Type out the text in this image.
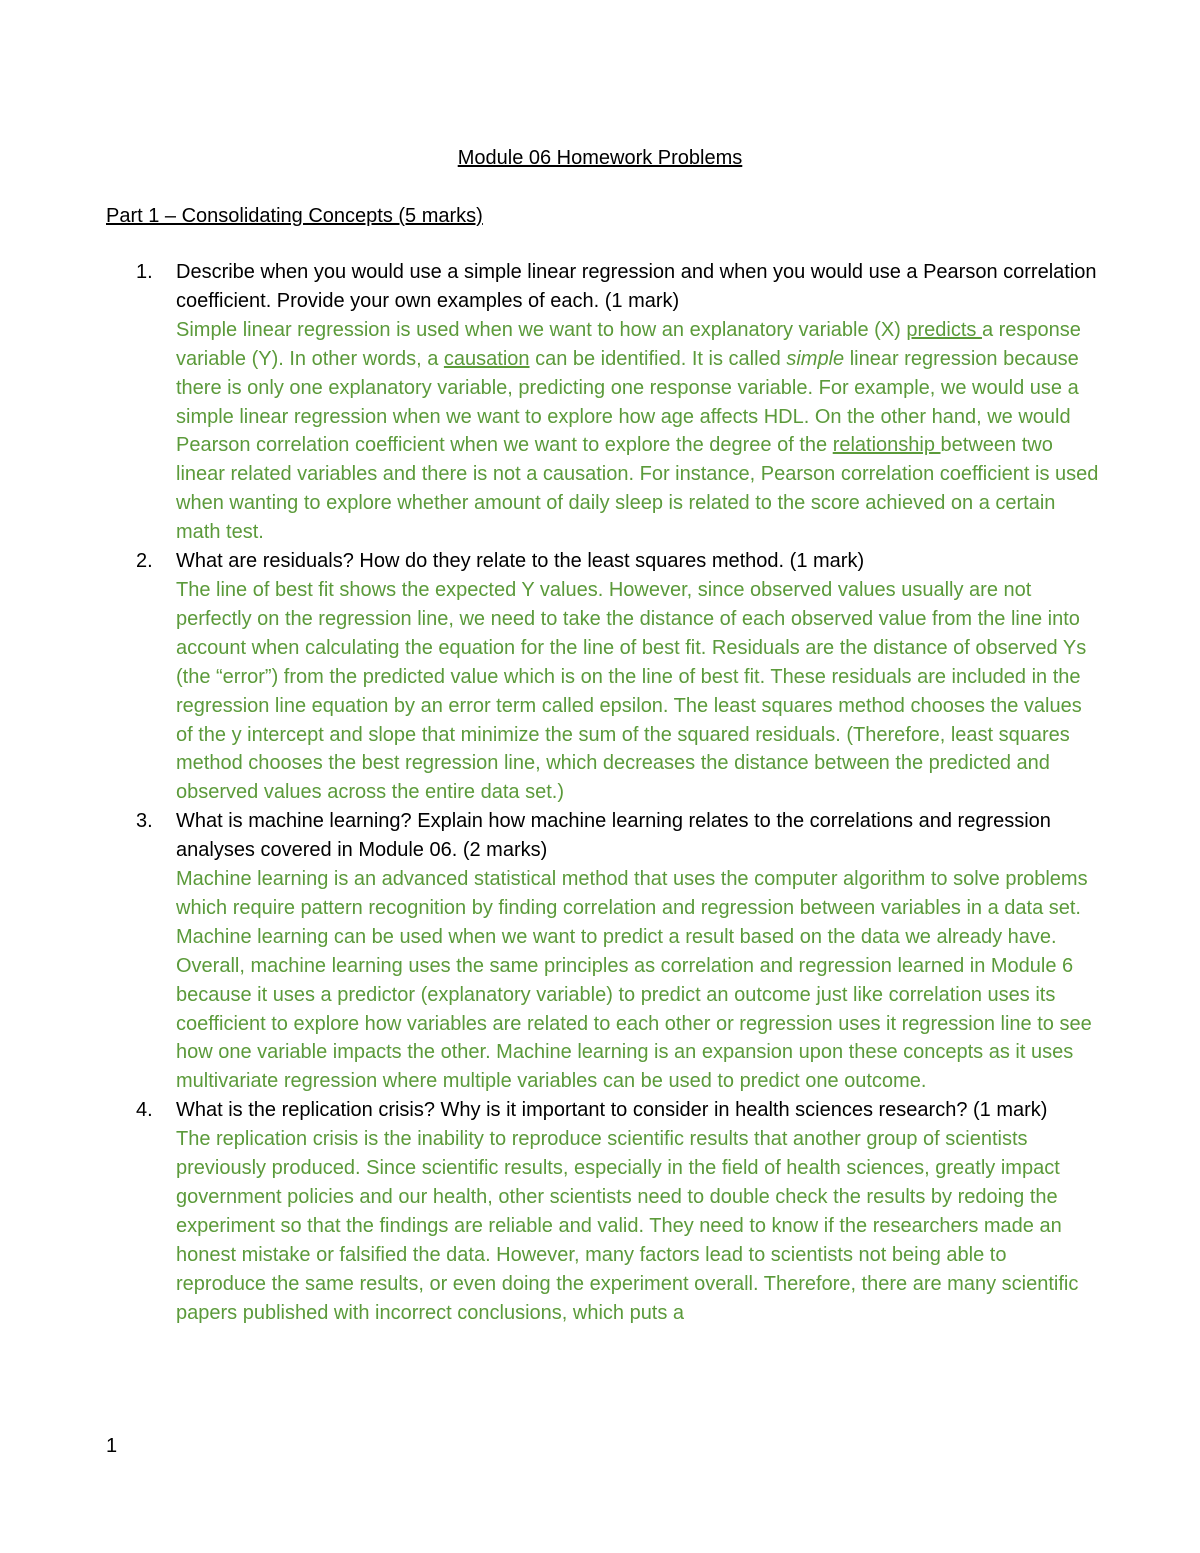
Module 06 Homework Problems
Part 1 – Consolidating Concepts (5 marks)
1. Describe when you would use a simple linear regression and when you would use a Pearson correlation coefficient. Provide your own examples of each. (1 mark)
Simple linear regression is used when we want to how an explanatory variable (X) predicts a response variable (Y). In other words, a causation can be identified. It is called simple linear regression because there is only one explanatory variable, predicting one response variable. For example, we would use a simple linear regression when we want to explore how age affects HDL. On the other hand, we would Pearson correlation coefficient when we want to explore the degree of the relationship between two linear related variables and there is not a causation. For instance, Pearson correlation coefficient is used when wanting to explore whether amount of daily sleep is related to the score achieved on a certain math test.
2. What are residuals? How do they relate to the least squares method. (1 mark)
The line of best fit shows the expected Y values. However, since observed values usually are not perfectly on the regression line, we need to take the distance of each observed value from the line into account when calculating the equation for the line of best fit. Residuals are the distance of observed Ys (the “error”) from the predicted value which is on the line of best fit. These residuals are included in the regression line equation by an error term called epsilon. The least squares method chooses the values of the y intercept and slope that minimize the sum of the squared residuals. (Therefore, least squares method chooses the best regression line, which decreases the distance between the predicted and observed values across the entire data set.)
3. What is machine learning? Explain how machine learning relates to the correlations and regression analyses covered in Module 06. (2 marks)
Machine learning is an advanced statistical method that uses the computer algorithm to solve problems which require pattern recognition by finding correlation and regression between variables in a data set. Machine learning can be used when we want to predict a result based on the data we already have. Overall, machine learning uses the same principles as correlation and regression learned in Module 6 because it uses a predictor (explanatory variable) to predict an outcome just like correlation uses its coefficient to explore how variables are related to each other or regression uses it regression line to see how one variable impacts the other. Machine learning is an expansion upon these concepts as it uses multivariate regression where multiple variables can be used to predict one outcome.
4. What is the replication crisis? Why is it important to consider in health sciences research? (1 mark)
The replication crisis is the inability to reproduce scientific results that another group of scientists previously produced. Since scientific results, especially in the field of health sciences, greatly impact government policies and our health, other scientists need to double check the results by redoing the experiment so that the findings are reliable and valid. They need to know if the researchers made an honest mistake or falsified the data. However, many factors lead to scientists not being able to reproduce the same results, or even doing the experiment overall. Therefore, there are many scientific papers published with incorrect conclusions, which puts a
1
